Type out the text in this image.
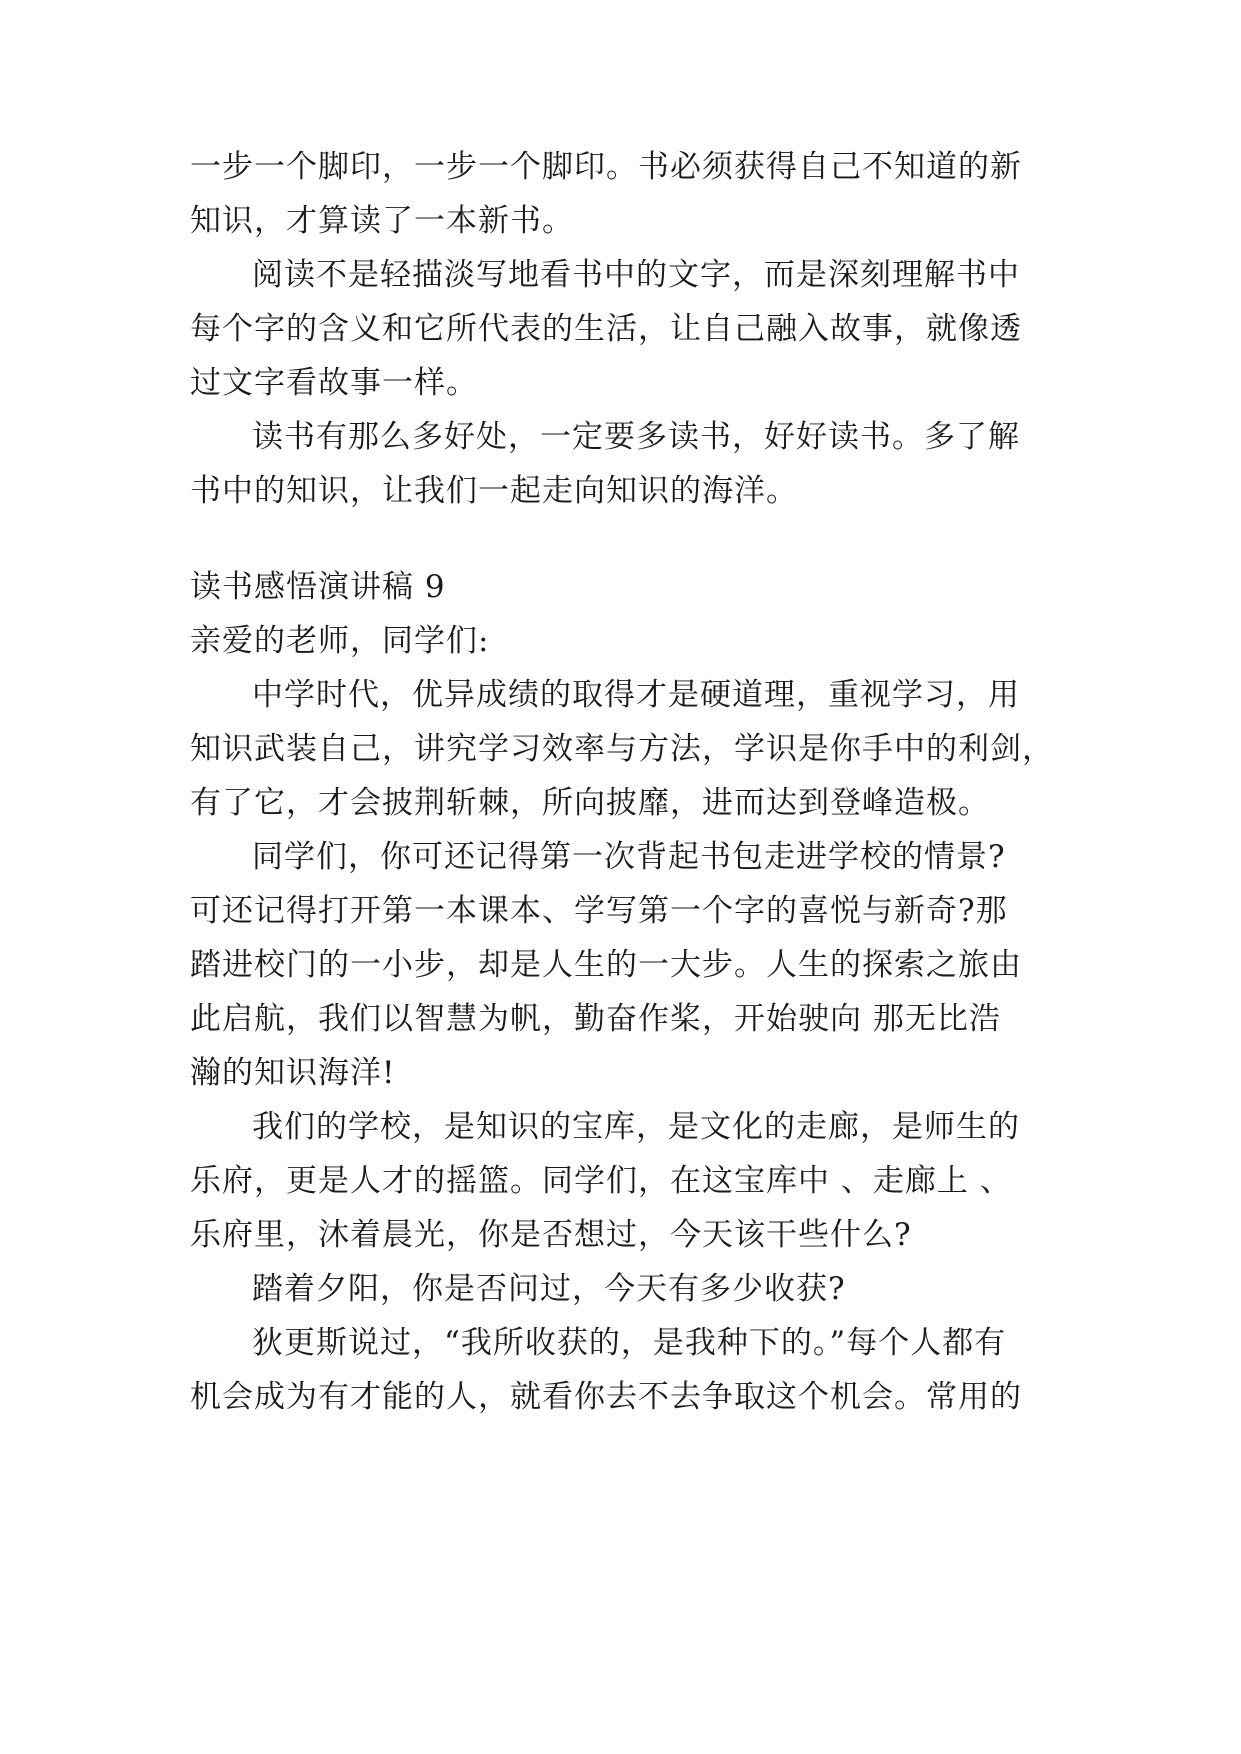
一步一个脚印，一步一个脚印。书必须获得自己不知道的新
知识，才算读了一本新书。
阅读不是轻描淡写地看书中的文字，而是深刻理解书中
每个字的含义和它所代表的生活，让自己融入故事，就像透
过文字看故事一样。
读书有那么多好处，一定要多读书，好好读书。多了解
书中的知识，让我们一起走向知识的海洋。
读书感悟演讲稿 9
亲爱的老师，同学们:
中学时代，优异成绩的取得才是硬道理，重视学习，用
知识武装自己，讲究学习效率与方法，学识是你手中的利剑，
有了它，才会披荆斩棘，所向披靡，进而达到登峰造极。
同学们，你可还记得第一次背起书包走进学校的情景?
可还记得打开第一本课本、学写第一个字的喜悦与新奇?那
踏进校门的一小步，却是人生的一大步。人生的探索之旅由
此启航，我们以智慧为帆，勤奋作桨，开始驶向 那无比浩
瀚的知识海洋!
我们的学校，是知识的宝库，是文化的走廊，是师生的
乐府，更是人才的摇篮。同学们，在这宝库中 、走廊上 、
乐府里，沐着晨光，你是否想过，今天该干些什么?
踏着夕阳，你是否问过，今天有多少收获?
狄更斯说过，“我所收获的，是我种下的。”每个人都有
机会成为有才能的人，就看你去不去争取这个机会。常用的
